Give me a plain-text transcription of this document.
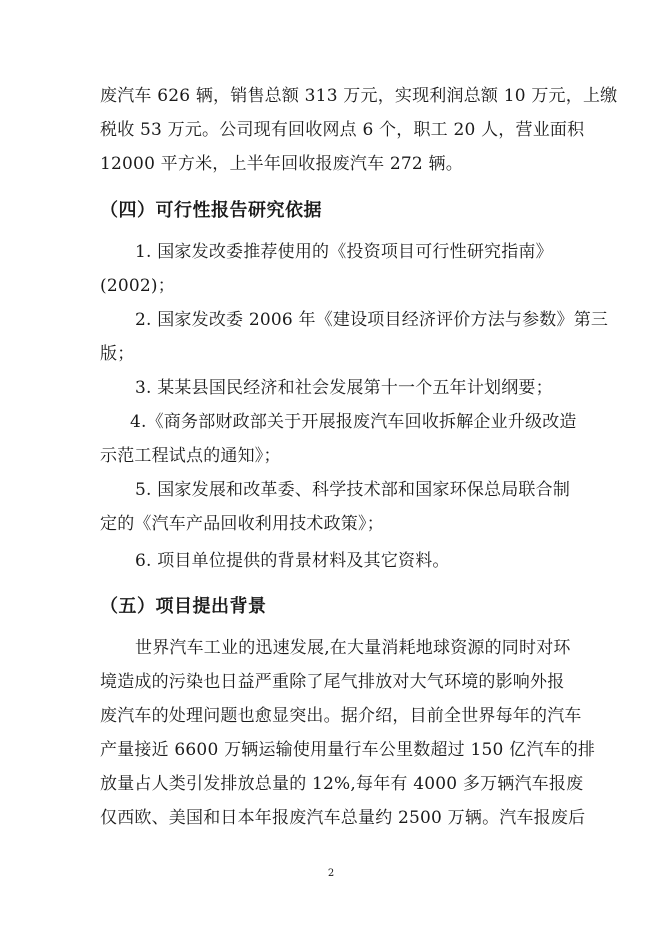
废汽车 626 辆，销售总额 313 万元，实现利润总额 10 万元，上缴
税收 53 万元。公司现有回收网点 6 个，职工 20 人，营业面积
12000 平方米，上半年回收报废汽车 272 辆。
（四）可行性报告研究依据
1. 国家发改委推荐使用的《投资项目可行性研究指南》
(2002)；
2. 国家发改委 2006 年《建设项目经济评价方法与参数》第三
版；
3. 某某县国民经济和社会发展第十一个五年计划纲要；
4.《商务部财政部关于开展报废汽车回收拆解企业升级改造
示范工程试点的通知》；
5. 国家发展和改革委、科学技术部和国家环保总局联合制
定的《汽车产品回收利用技术政策》；
6. 项目单位提供的背景材料及其它资料。
（五）项目提出背景
世界汽车工业的迅速发展,在大量消耗地球资源的同时对环
境造成的污染也日益严重除了尾气排放对大气环境的影响外报
废汽车的处理问题也愈显突出。据介绍，目前全世界每年的汽车
产量接近 6600 万辆运输使用量行车公里数超过 150 亿汽车的排
放量占人类引发排放总量的 12%,每年有 4000 多万辆汽车报废
仅西欧、美国和日本年报废汽车总量约 2500 万辆。汽车报废后
2
